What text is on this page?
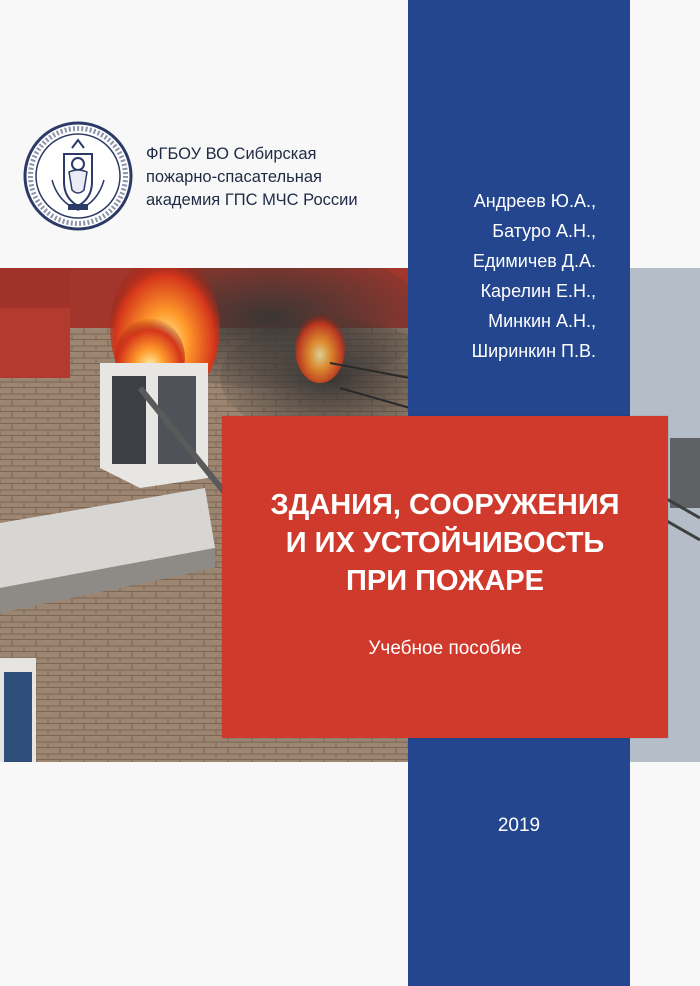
ФГБОУ ВО Сибирская
пожарно-спасательная
академия ГПС МЧС России	Андреев Ю.А.,
Батуро А.Н.,
Едимичев Д.А.
Карелин Е.Н.,
Минкин А.Н.,
Ширинкин П.В.
ЗДАНИЯ, СООРУЖЕНИЯ
И ИХ УСТОЙЧИВОСТЬ
ПРИ ПОЖАРЕ
Учебное пособие
2019
